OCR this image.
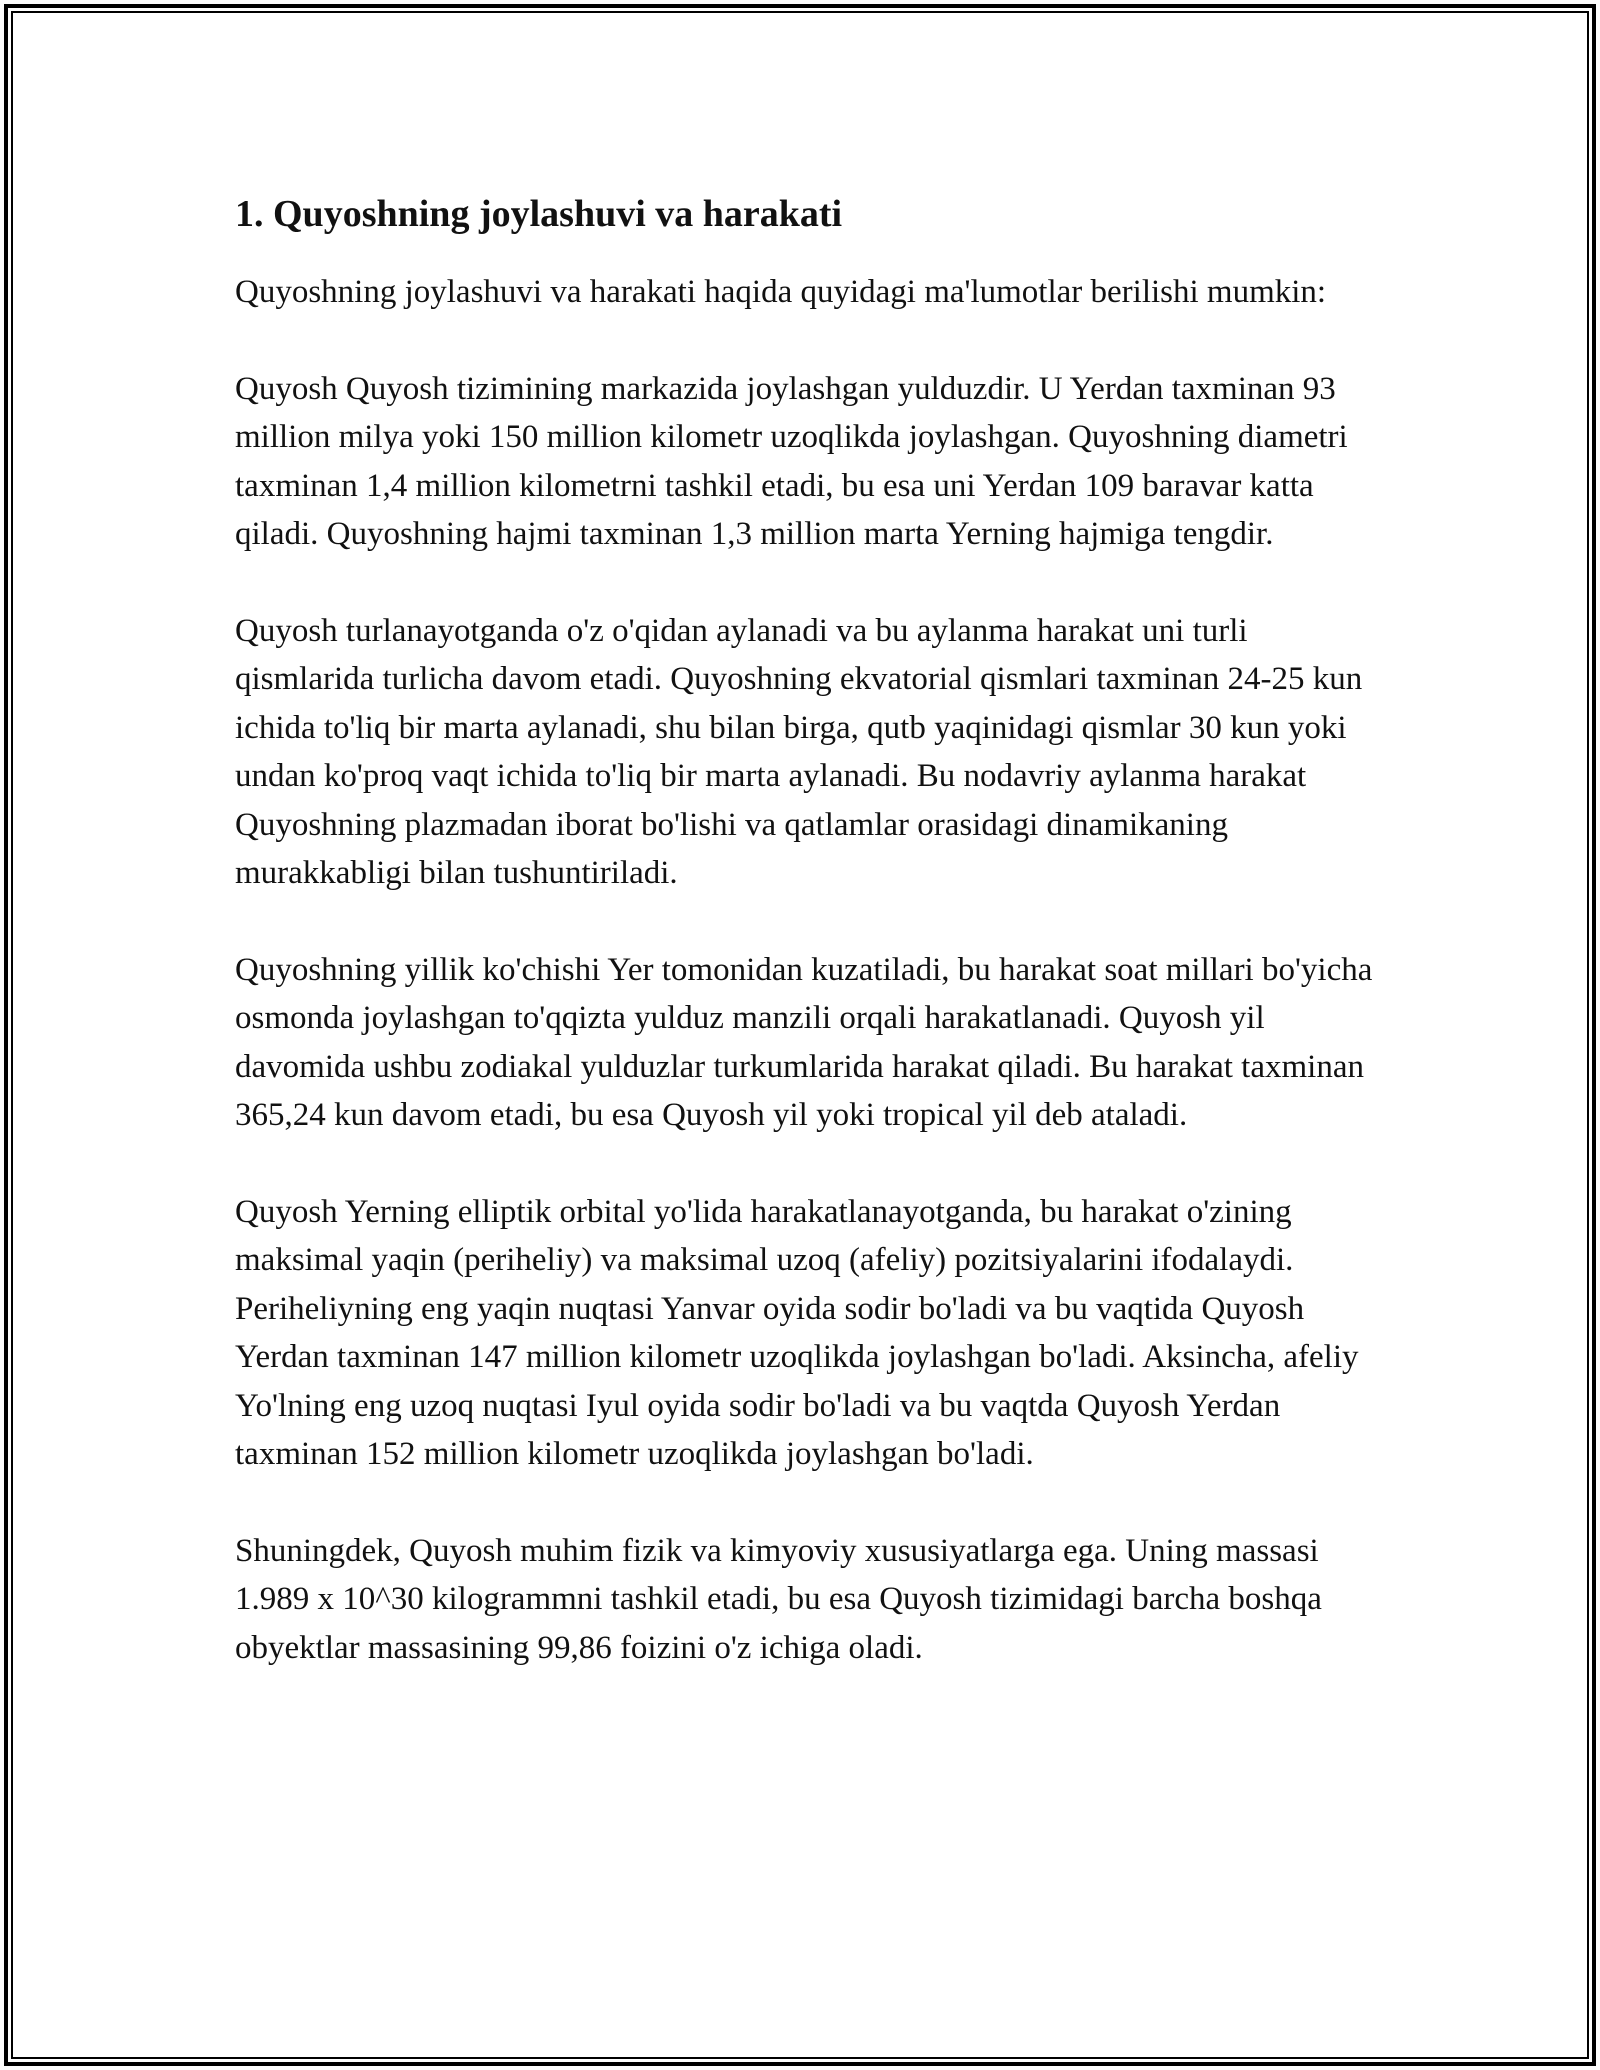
1. Quyoshning joylashuvi va harakati

Quyoshning joylashuvi va harakati haqida quyidagi ma'lumotlar berilishi mumkin:

Quyosh Quyosh tizimining markazida joylashgan yulduzdir. U Yerdan taxminan 93 million milya yoki 150 million kilometr uzoqlikda joylashgan. Quyoshning diametri taxminan 1,4 million kilometrni tashkil etadi, bu esa uni Yerdan 109 baravar katta qiladi. Quyoshning hajmi taxminan 1,3 million marta Yerning hajmiga tengdir.

Quyosh turlanayotganda o'z o'qidan aylanadi va bu aylanma harakat uni turli qismlarida turlicha davom etadi. Quyoshning ekvatorial qismlari taxminan 24-25 kun ichida to'liq bir marta aylanadi, shu bilan birga, qutb yaqinidagi qismlar 30 kun yoki undan ko'proq vaqt ichida to'liq bir marta aylanadi. Bu nodavriy aylanma harakat Quyoshning plazmadan iborat bo'lishi va qatlamlar orasidagi dinamikaning murakkabligi bilan tushuntiriladi.

Quyoshning yillik ko'chishi Yer tomonidan kuzatiladi, bu harakat soat millari bo'yicha osmonda joylashgan to'qqizta yulduz manzili orqali harakatlanadi. Quyosh yil davomida ushbu zodiakal yulduzlar turkumlarida harakat qiladi. Bu harakat taxminan 365,24 kun davom etadi, bu esa Quyosh yil yoki tropical yil deb ataladi.

Quyosh Yerning elliptik orbital yo'lida harakatlanayotganda, bu harakat o'zining maksimal yaqin (periheliy) va maksimal uzoq (afeliy) pozitsiyalarini ifodalaydi. Periheliyning eng yaqin nuqtasi Yanvar oyida sodir bo'ladi va bu vaqtida Quyosh Yerdan taxminan 147 million kilometr uzoqlikda joylashgan bo'ladi. Aksincha, afeliy Yo'lning eng uzoq nuqtasi Iyul oyida sodir bo'ladi va bu vaqtda Quyosh Yerdan taxminan 152 million kilometr uzoqlikda joylashgan bo'ladi.

Shuningdek, Quyosh muhim fizik va kimyoviy xususiyatlarga ega. Uning massasi 1.989 x 10^30 kilogrammni tashkil etadi, bu esa Quyosh tizimidagi barcha boshqa obyektlar massasining 99,86 foizini o'z ichiga oladi.
